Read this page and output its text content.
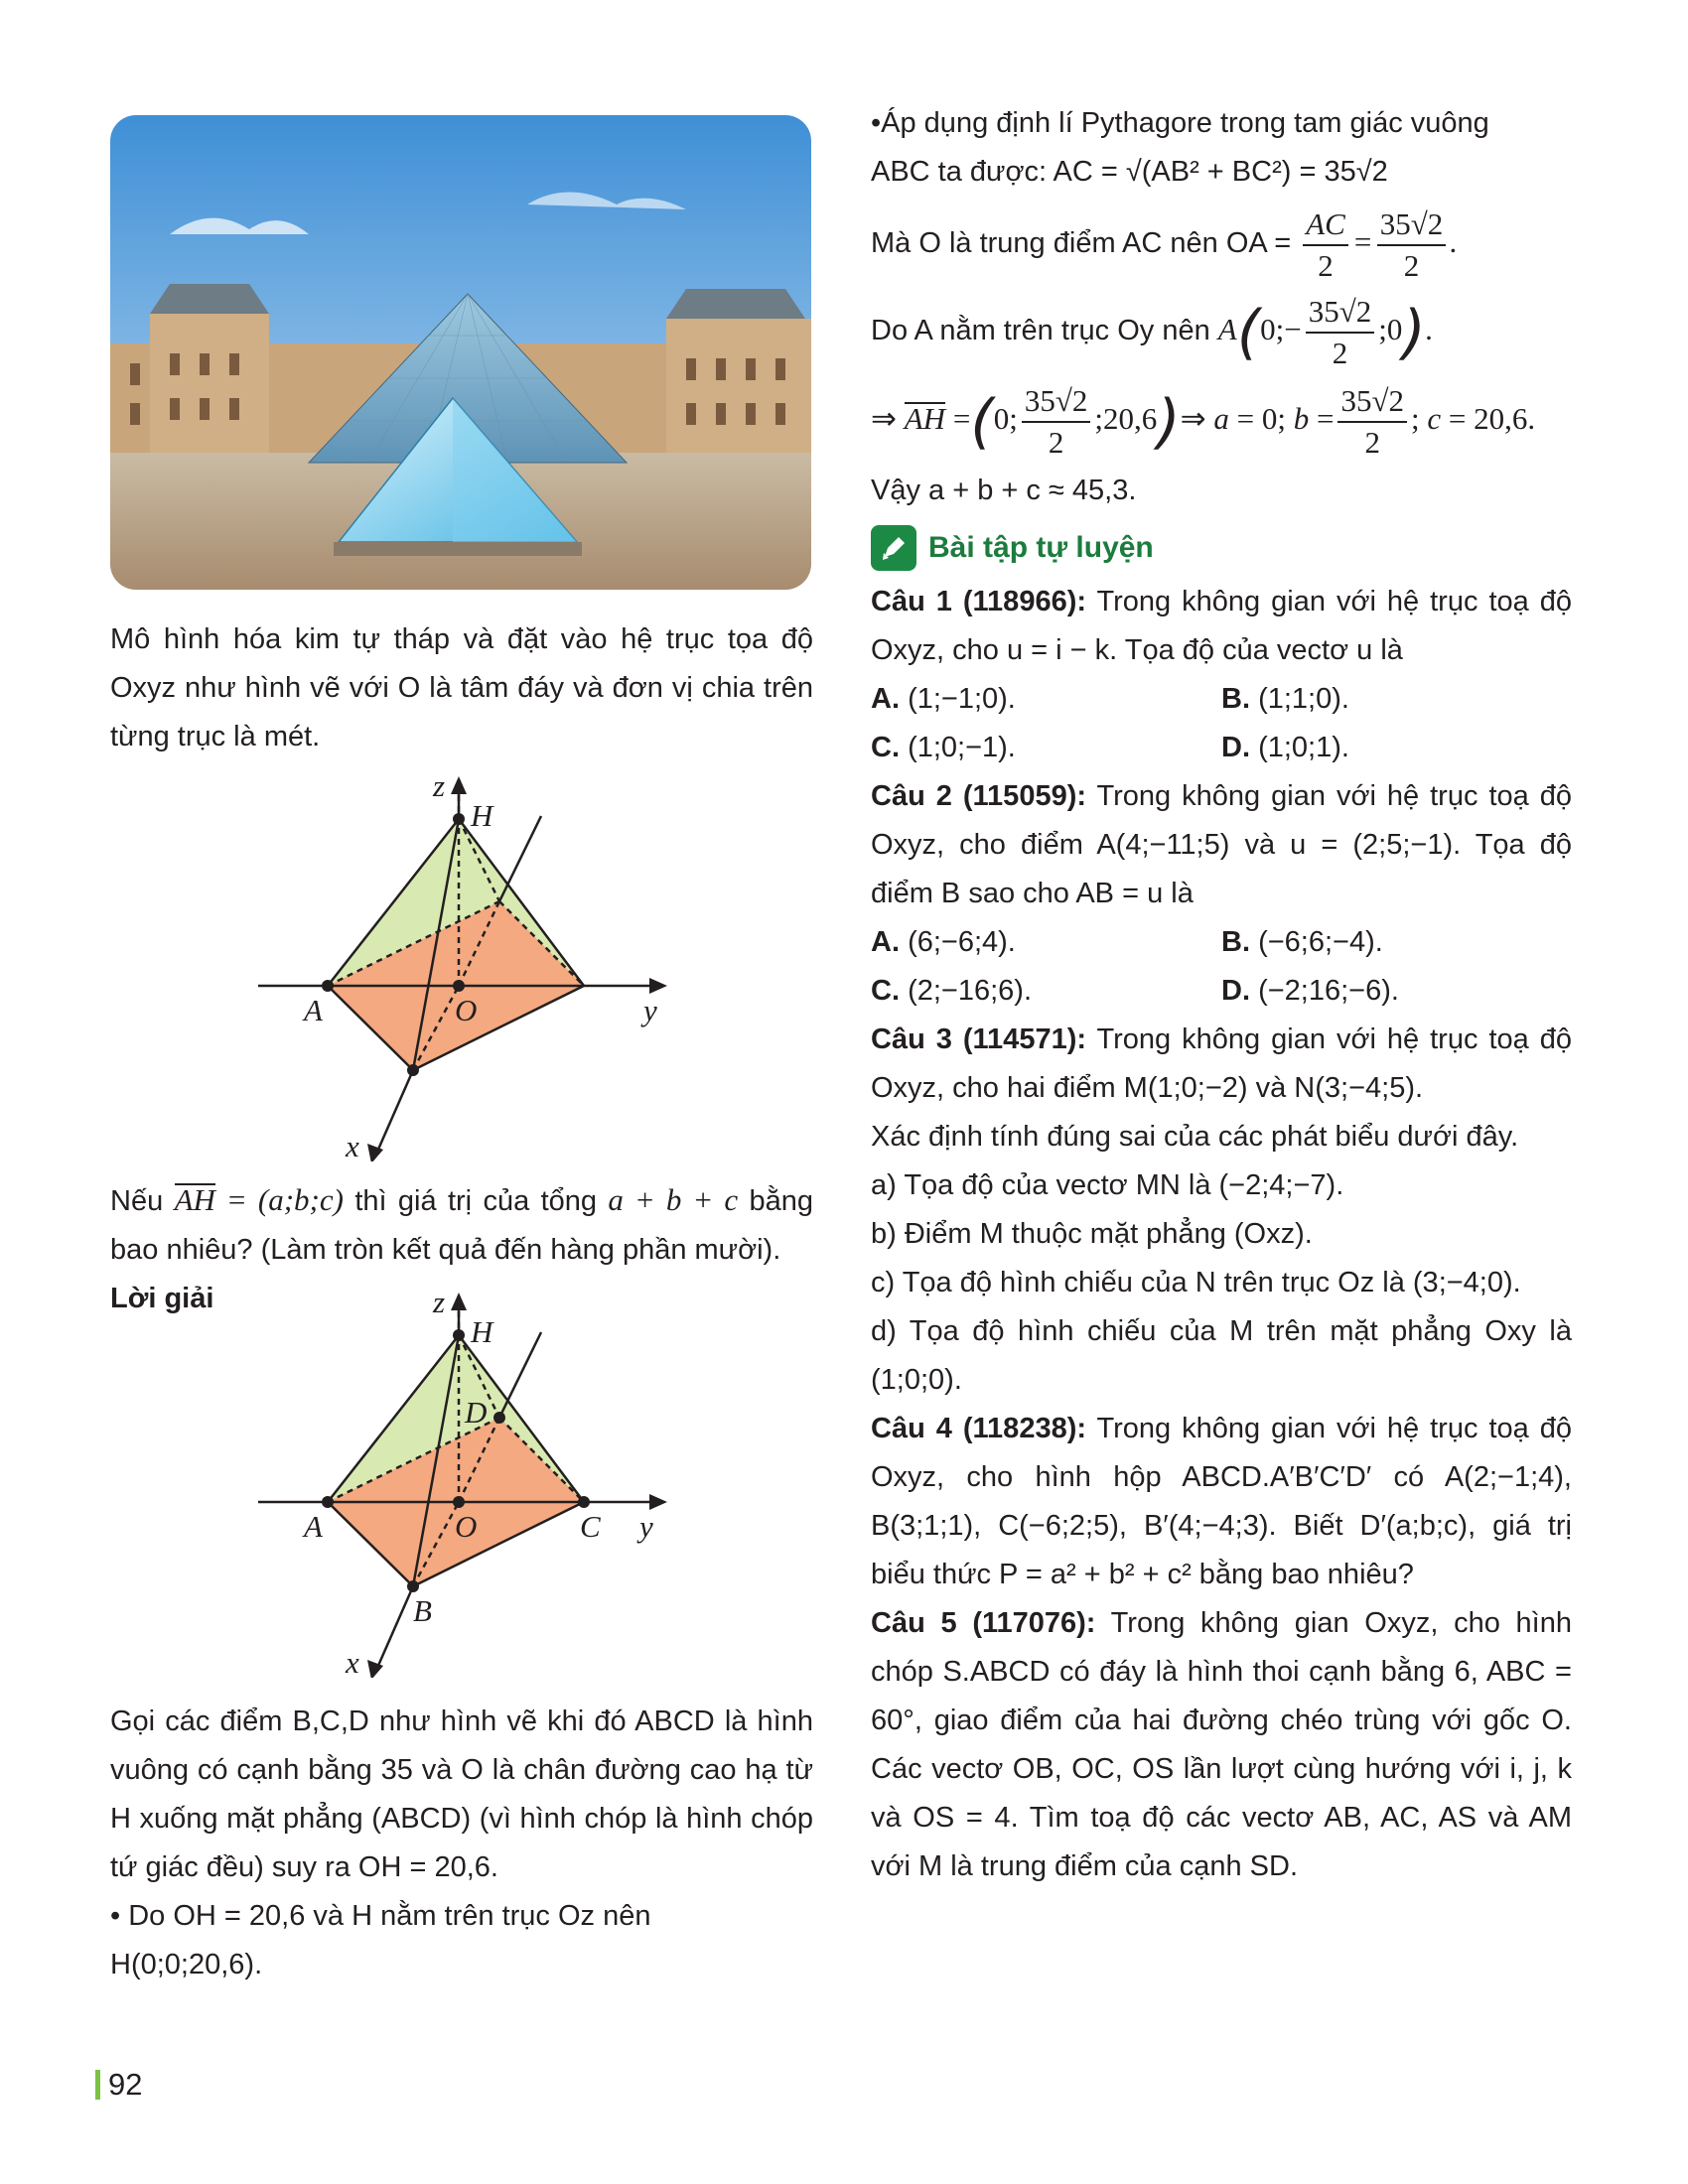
Mô hình hóa kim tự tháp và đặt vào hệ trục tọa độ Oxyz như hình vẽ với O là tâm đáy và đơn vị chia trên từng trục là mét.
z
H
A	O	y
x
Nếu AH = (a;b;c) thì giá trị của tổng a + b + c bằng bao nhiêu? (Làm tròn kết quả đến hàng phần mười).
Lời giải	z
H
D
A	O	C y
B
x
Gọi các điểm B,C,D như hình vẽ khi đó ABCD là hình vuông có cạnh bằng 35 và O là chân đường cao hạ từ H xuống mặt phẳng (ABCD) (vì hình chóp là hình chóp tứ giác đều) suy ra OH = 20,6.
• Do OH = 20,6 và H nằm trên trục Oz nên
H(0;0;20,6).
•Áp dụng định lí Pythagore trong tam giác vuông
ABC ta được: AC = √(AB² + BC²) = 35√2
Mà O là trung điểm AC nên OA = $\frac{AC}{2} = \frac{35√2}{2}$ .
Do A nằm trên trục Oy nên A(0;− $\frac{35√2}{2}$ ;0).
⇒ AH =(0; $\frac{35√2}{2}$ ;20,6)⇒ a = 0; $b = \frac{35√2}{2}$ ; c = 20,6.
Vậy a + b + c ≈ 45,3.
Bài tập tự luyện
Câu 1 (118966): Trong không gian với hệ trục toạ độ Oxyz, cho u = i − k. Tọa độ của vectơ u là
A. (1;−1;0).	B. (1;1;0).
C. (1;0;−1).	D. (1;0;1).
Câu 2 (115059): Trong không gian với hệ trục toạ độ Oxyz, cho điểm A(4;−11;5) và u = (2;5;−1). Tọa độ điểm B sao cho AB = u là
A. (6;−6;4).	B. (−6;6;−4).
C. (2;−16;6).	D. (−2;16;−6).
Câu 3 (114571): Trong không gian với hệ trục toạ độ Oxyz, cho hai điểm M(1;0;−2) và N(3;−4;5).
Xác định tính đúng sai của các phát biểu dưới đây.
a) Tọa độ của vectơ MN là (−2;4;−7).
b) Điểm M thuộc mặt phẳng (Oxz).
c) Tọa độ hình chiếu của N trên trục Oz là (3;−4;0).
d) Tọa độ hình chiếu của M trên mặt phẳng Oxy là (1;0;0).
Câu 4 (118238): Trong không gian với hệ trục toạ độ Oxyz, cho hình hộp ABCD.A′B′C′D′ có A(2;−1;4), B(3;1;1), C(−6;2;5), B′(4;−4;3). Biết D′(a;b;c), giá trị biểu thức P = a² + b² + c² bằng bao nhiêu?
Câu 5 (117076): Trong không gian Oxyz, cho hình chóp S.ABCD có đáy là hình thoi cạnh bằng 6, ABC = 60°, giao điểm của hai đường chéo trùng với gốc O. Các vectơ OB, OC, OS lần lượt cùng hướng với i, j, k và OS = 4. Tìm toạ độ các vectơ AB, AC, AS và AM với M là trung điểm của cạnh SD.
92
